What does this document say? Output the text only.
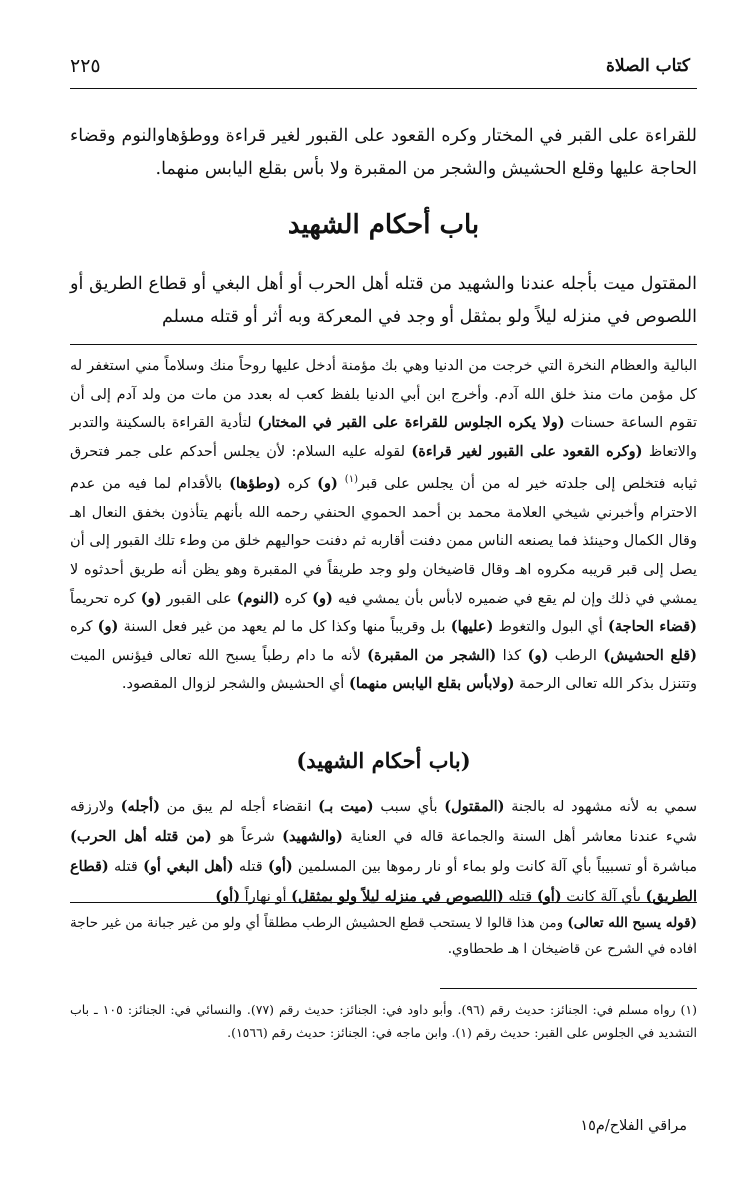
كتاب الصلاة
٢٢٥
للقراءة على القبر في المختار وكره القعود على القبور لغير قراءة ووطؤهاوالنوم وقضاء الحاجة عليها وقلع الحشيش والشجر من المقبرة ولا بأس بقلع اليابس منهما.
باب أحكام الشهيد
المقتول ميت بأجله عندنا والشهيد من قتله أهل الحرب أو أهل البغي أو قطاع الطريق أو اللصوص في منزله ليلاً ولو بمثقل أو وجد في المعركة وبه أثر أو قتله مسلم
البالية والعظام النخرة التي خرجت من الدنيا وهي بك مؤمنة أدخل عليها روحاً منك وسلاماً مني استغفر له كل مؤمن مات منذ خلق الله آدم. وأخرج ابن أبي الدنيا بلفظ كعب له بعدد من مات من ولد آدم إلى أن تقوم الساعة حسنات (ولا يكره الجلوس للقراءة على القبر في المختار) لتأدية القراءة بالسكينة والتدبر والاتعاظ (وكره القعود على القبور لغير قراءة) لقوله عليه السلام: لأن يجلس أحدكم على جمر فتحرق ثيابه فتخلص إلى جلدته خير له من أن يجلس على قبر$^{(١)}$ (و) كره (وطؤها) بالأقدام لما فيه من عدم الاحترام وأخبرني شيخي العلامة محمد بن أحمد الحموي الحنفي رحمه الله بأنهم يتأذون بخفق النعال اهـ وقال الكمال وحينئذ فما يصنعه الناس ممن دفنت أقاربه ثم دفنت حواليهم خلق من وطء تلك القبور إلى أن يصل إلى قبر قريبه مكروه اهـ وقال قاضيخان ولو وجد طريقاً في المقبرة وهو يظن أنه طريق أحدثوه لا يمشي في ذلك وإن لم يقع في ضميره لابأس بأن يمشي فيه (و) كره (النوم) على القبور (و) كره تحريماً (قضاء الحاجة) أي البول والتغوط (عليها) بل وقريباً منها وكذا كل ما لم يعهد من غير فعل السنة (و) كره (قلع الحشيش) الرطب (و) كذا (الشجر من المقبرة) لأنه ما دام رطباً يسبح الله تعالى فيؤنس الميت وتتنزل بذكر الله تعالى الرحمة (ولابأس بقلع اليابس منهما) أي الحشيش والشجر لزوال المقصود.
(باب أحكام الشهيد)
سمي به لأنه مشهود له بالجنة (المقتول) بأي سبب (ميت بـ) انقضاء أجله لم يبق من (أجله) ولارزقه شيء عندنا معاشر أهل السنة والجماعة قاله في العناية (والشهيد) شرعاً هو (من قتله أهل الحرب) مباشرة أو تسبيباً بأي آلة كانت ولو بماء أو نار رموها بين المسلمين (أو) قتله (أهل البغي أو) قتله (قطاع الطريق) بأي آلة كانت (أو) قتله (اللصوص في منزله ليلاً ولو بمثقل) أو نهاراً (أو)
(قوله يسبح الله تعالى) ومن هذا قالوا لا يستحب قطع الحشيش الرطب مطلقاً أي ولو من غير جبانة من غير حاجة افاده في الشرح عن قاضيخان ا هـ طحطاوي.
(١) رواه مسلم في: الجنائز: حديث رقم (٩٦). وأبو داود في: الجنائز: حديث رقم (٧٧). والنسائي في: الجنائز: ١٠٥ ـ باب التشديد في الجلوس على القبر: حديث رقم (١). وابن ماجه في: الجنائز: حديث رقم (١٥٦٦).
مراقي الفلاح/م١٥
